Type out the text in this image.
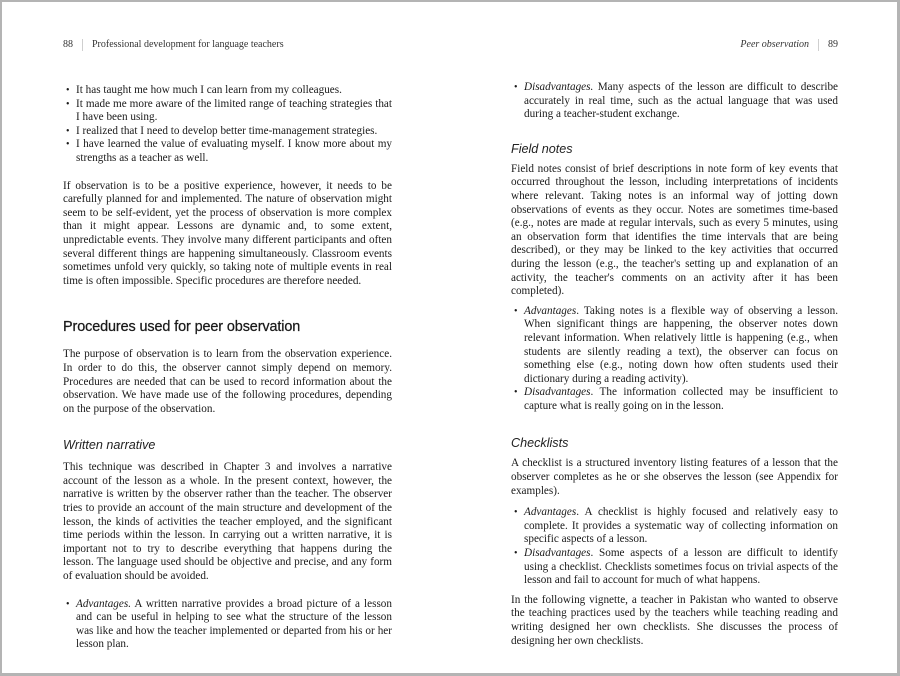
88 Professional development for language teachers
• It has taught me how much I can learn from my colleagues.
• It made me more aware of the limited range of teaching strategies that I have been using.
• I realized that I need to develop better time-management strategies.
• I have learned the value of evaluating myself. I know more about my strengths as a teacher as well.

If observation is to be a positive experience, however, it needs to be carefully planned for and implemented. The nature of observation might seem to be self-evident, yet the process of observation is more complex than it might appear. Lessons are dynamic and, to some extent, unpredictable events. They involve many different participants and often several different things are happening simultaneously. Classroom events sometimes unfold very quickly, so taking note of multiple events in real time is often impossible. Specific procedures are therefore needed.

Procedures used for peer observation

The purpose of observation is to learn from the observation experience. In order to do this, the observer cannot simply depend on memory. Procedures are needed that can be used to record information about the observation. We have made use of the following procedures, depending on the purpose of the observation.

Written narrative

This technique was described in Chapter 3 and involves a narrative account of the lesson as a whole. In the present context, however, the narrative is written by the observer rather than the teacher. The observer tries to provide an account of the main structure and development of the lesson, the kinds of activities the teacher employed, and the significant time periods within the lesson. In carrying out a written narrative, it is important not to try to describe everything that happens during the lesson. The language used should be objective and precise, and any form of evaluation should be avoided.

• Advantages. A written narrative provides a broad picture of a lesson and can be useful in helping to see what the structure of the lesson was like and how the teacher implemented or departed from his or her lesson plan.
Peer observation 89
• Disadvantages. Many aspects of the lesson are difficult to describe accurately in real time, such as the actual language that was used during a teacher-student exchange.
Field notes

Field notes consist of brief descriptions in note form of key events that occurred throughout the lesson, including interpretations of incidents where relevant. Taking notes is an informal way of jotting down observations of events as they occur. Notes are sometimes time-based (e.g., notes are made at regular intervals, such as every 5 minutes, using an observation form that identifies the time intervals that are being described), or they may be linked to the key activities that occurred during the lesson (e.g., the teacher's setting up and explanation of an activity, the teacher's comments on an activity after it has been completed).

• Advantages. Taking notes is a flexible way of observing a lesson. When significant things are happening, the observer notes down relevant information. When relatively little is happening (e.g., when students are silently reading a text), the observer can focus on something else (e.g., noting down how often students used their dictionary during a reading activity).
• Disadvantages. The information collected may be insufficient to capture what is really going on in the lesson.
Checklists

A checklist is a structured inventory listing features of a lesson that the observer completes as he or she observes the lesson (see Appendix for examples).

• Advantages. A checklist is highly focused and relatively easy to complete. It provides a systematic way of collecting information on specific aspects of a lesson.
• Disadvantages. Some aspects of a lesson are difficult to identify using a checklist. Checklists sometimes focus on trivial aspects of the lesson and fail to account for much of what happens.

In the following vignette, a teacher in Pakistan who wanted to observe the teaching practices used by the teachers while teaching reading and writing designed her own checklists. She discusses the process of designing her own checklists.
